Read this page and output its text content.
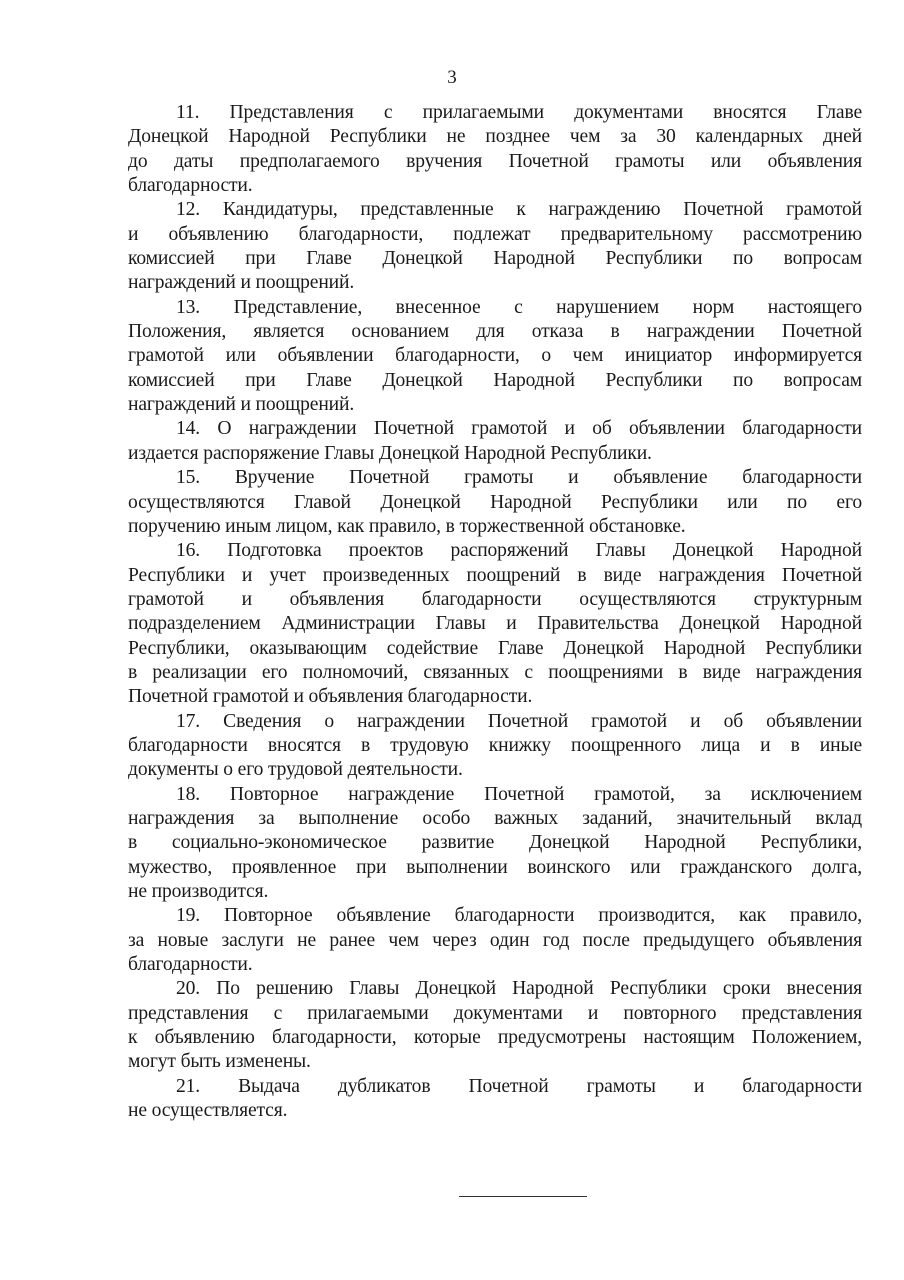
3
11. Представления с прилагаемыми документами вносятся Главе
Донецкой Народной Республики не позднее чем за 30 календарных дней
до даты предполагаемого вручения Почетной грамоты или объявления
благодарности.
12. Кандидатуры, представленные к награждению Почетной грамотой
и объявлению благодарности, подлежат предварительному рассмотрению
комиссией при Главе Донецкой Народной Республики по вопросам
награждений и поощрений.
13. Представление, внесенное с нарушением норм настоящего
Положения, является основанием для отказа в награждении Почетной
грамотой или объявлении благодарности, о чем инициатор информируется
комиссией при Главе Донецкой Народной Республики по вопросам
награждений и поощрений.
14. О награждении Почетной грамотой и об объявлении благодарности
издается распоряжение Главы Донецкой Народной Республики.
15. Вручение Почетной грамоты и объявление благодарности
осуществляются Главой Донецкой Народной Республики или по его
поручению иным лицом, как правило, в торжественной обстановке.
16. Подготовка проектов распоряжений Главы Донецкой Народной
Республики и учет произведенных поощрений в виде награждения Почетной
грамотой и объявления благодарности осуществляются структурным
подразделением Администрации Главы и Правительства Донецкой Народной
Республики, оказывающим содействие Главе Донецкой Народной Республики
в реализации его полномочий, связанных с поощрениями в виде награждения
Почетной грамотой и объявления благодарности.
17. Сведения о награждении Почетной грамотой и об объявлении
благодарности вносятся в трудовую книжку поощренного лица и в иные
документы о его трудовой деятельности.
18. Повторное награждение Почетной грамотой, за исключением
награждения за выполнение особо важных заданий, значительный вклад
в социально-экономическое развитие Донецкой Народной Республики,
мужество, проявленное при выполнении воинского или гражданского долга,
не производится.
19. Повторное объявление благодарности производится, как правило,
за новые заслуги не ранее чем через один год после предыдущего объявления
благодарности.
20. По решению Главы Донецкой Народной Республики сроки внесения
представления с прилагаемыми документами и повторного представления
к объявлению благодарности, которые предусмотрены настоящим Положением,
могут быть изменены.
21. Выдача дубликатов Почетной грамоты и благодарности
не осуществляется.
